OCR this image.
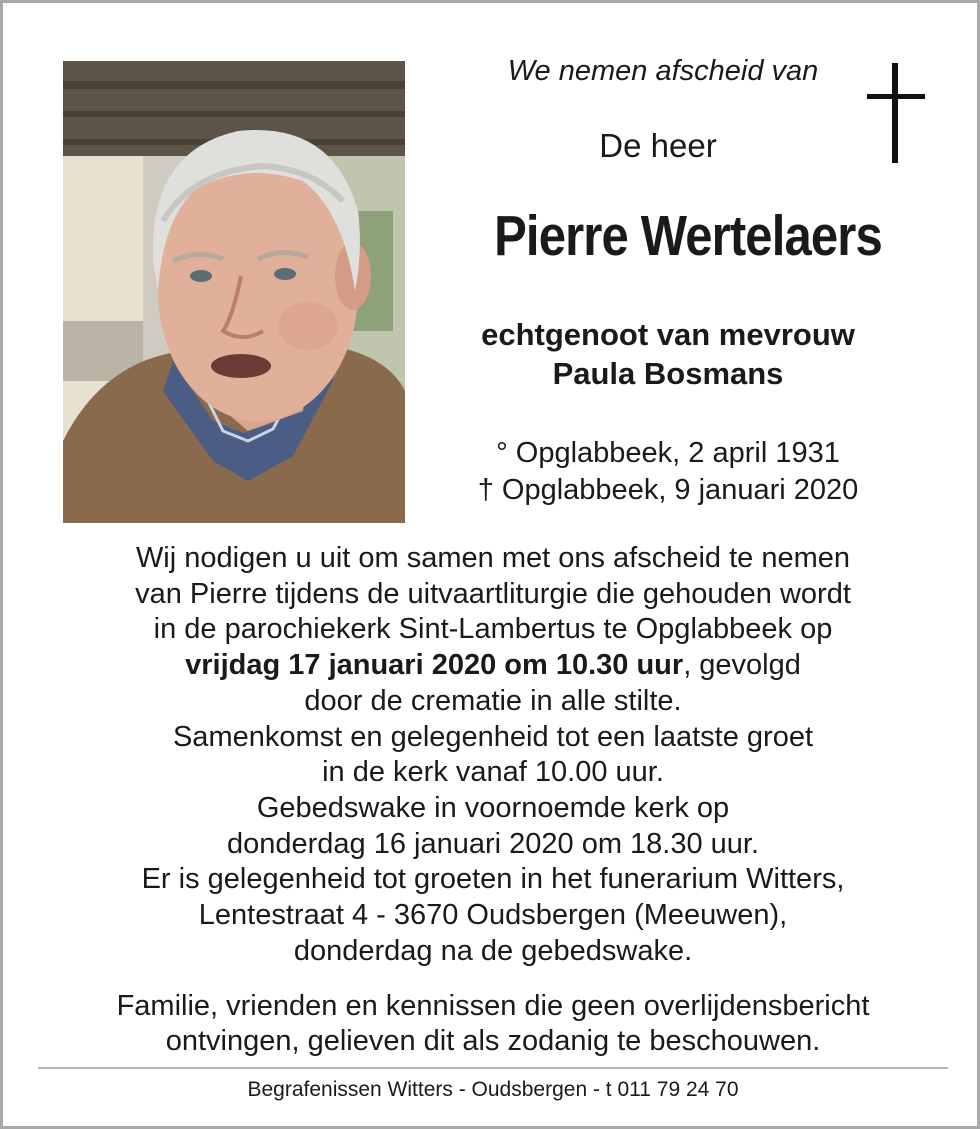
We nemen afscheid van
De heer
Pierre Wertelaers
echtgenoot van mevrouw
Paula Bosmans
° Opglabbeek, 2 april 1931
† Opglabbeek, 9 januari 2020

Wij nodigen u uit om samen met ons afscheid te nemen

van Pierre tijdens de uitvaartliturgie die gehouden wordt

in de parochiekerk Sint-Lambertus te Opglabbeek op

vrijdag 17 januari 2020 om 10.30 uur, gevolgd

door de crematie in alle stilte.

Samenkomst en gelegenheid tot een laatste groet

in de kerk vanaf 10.00 uur.

Gebedswake in voornoemde kerk op

donderdag 16 januari 2020 om 18.30 uur.

Er is gelegenheid tot groeten in het funerarium Witters,

Lentestraat 4 - 3670 Oudsbergen (Meeuwen),

donderdag na de gebedswake.

Familie, vrienden en kennissen die geen overlijdensbericht

ontvingen, gelieven dit als zodanig te beschouwen.

Begrafenissen Witters - Oudsbergen - t 011 79 24 70
